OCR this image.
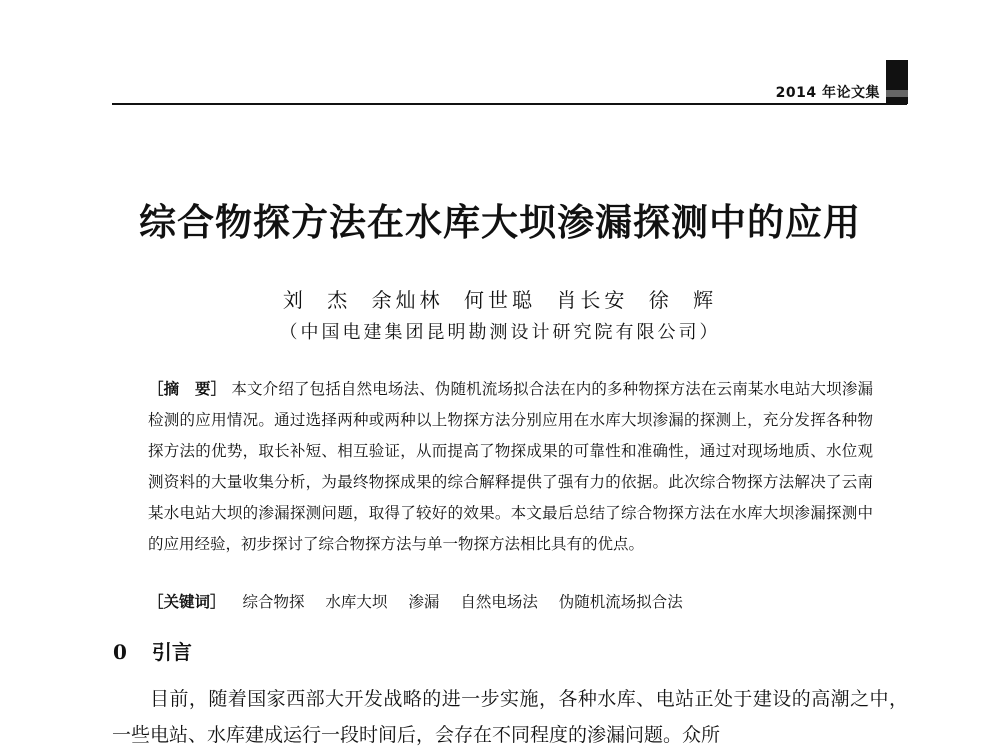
2014 年论文集
综合物探方法在水库大坝渗漏探测中的应用
刘 杰 余灿林 何世聪 肖长安 徐 辉
（中国电建集团昆明勘测设计研究院有限公司）
［摘　要］ 本文介绍了包括自然电场法、伪随机流场拟合法在内的多种物探方法在云南某水电站大坝渗漏检测的应用情况。通过选择两种或两种以上物探方法分别应用在水库大坝渗漏的探测上，充分发挥各种物探方法的优势，取长补短、相互验证，从而提高了物探成果的可靠性和准确性，通过对现场地质、水位观测资料的大量收集分析，为最终物探成果的综合解释提供了强有力的依据。此次综合物探方法解决了云南某水电站大坝的渗漏探测问题，取得了较好的效果。本文最后总结了综合物探方法在水库大坝渗漏探测中的应用经验，初步探讨了综合物探方法与单一物探方法相比具有的优点。
［关键词］ 综合物探 水库大坝 渗漏 自然电场法 伪随机流场拟合法
0 引言
目前，随着国家西部大开发战略的进一步实施，各种水库、电站正处于建设的高潮之中，一些电站、水库建成运行一段时间后，会存在不同程度的渗漏问题。众所
